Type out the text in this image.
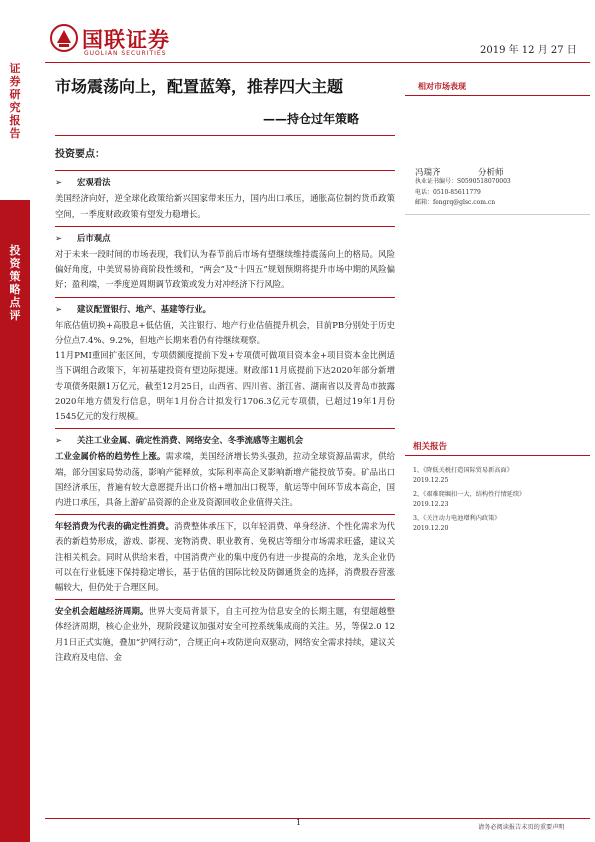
国联证券
GUOLIAN SECURITIES	2019 年 12 月 27 日
证券研究报告
投资策略点评
市场震荡向上，配置蓝筹，推荐四大主题
——持仓过年策略
相对市场表现
投资要点：
➢	宏观看法

美国经济向好，逆全球化政策给新兴国家带来压力，国内出口承压，通胀高位制约货币政策空间，一季度财政政策有望发力稳增长。

➢	后市观点

对于未来一段时间的市场表现，我们认为春节前后市场有望继续维持震荡向上的格局。风险偏好角度，中美贸易协商阶段性缓和，“两会”及“十四五”规划预期将提升市场中期的风险偏好；盈利端，一季度逆周期调节政策或发力对冲经济下行风险。

➢	建议配置银行、地产、基建等行业。

年底估值切换+高股息+低估值，关注银行、地产行业估值提升机会，目前PB分别处于历史分位点7.4%、9.2%，但地产长期来看仍有待继续观察。

11月PMI重回扩张区间，专项债额度提前下发+专项债可做项目资本金+项目资本金比例适当下调组合政策下，年初基建投资有望边际提速。财政部11月底提前下达2020年部分新增专项债务限额1万亿元，截至12月25日，山西省、四川省、浙江省、湖南省以及青岛市披露2020年地方债发行信息，明年1月份合计拟发行1706.3亿元专项债，已超过19年1月份1545亿元的发行规模。

➢	关注工业金属、确定性消费、网络安全、冬季流感等主题机会

工业金属价格的趋势性上涨。需求端，美国经济增长势头强劲，拉动全球资源品需求，供给端，部分国家局势动荡，影响产能释放，实际利率高企叉影响新增产能投放节奏。矿品出口国经济承压，普遍有较大意愿提升出口价格+增加出口税等，航运等中间环节成本高企，国内进口承压，具备上游矿品资源的企业及资源回收企业值得关注。

年轻消费为代表的确定性消费。消费整体承压下，以年轻消费、单身经济、个性化需求为代表的新趋势形成，游戏、影视、宠物消费、职业教育、免税店等细分市场需求旺盛，建议关注相关机会。同时从供给来看，中国消费产业的集中度仍有进一步提高的余地，龙头企业仍可以在行业低速下保持稳定增长，基于估值的国际比较及防御通货金的选择，消费股吞营涨幅较大，但仍处于合理区间。

安全机会超越经济周期。世界大变局背景下，自主可控为信息安全的长期主题，有望超越整体经济周期，核心企业外，现阶段建议加强对安全可控系统集成商的关注。另，等保2.0 12月1日正式实施，叠加“护网行动”，合规正向+攻防逆向双驱动，网络安全需求持续，建议关注政府及电信、金

冯瑞齐	分析师
执业证书编号：S0590518070003
电话：0510-85611779
邮箱：fengrq@glsc.com.cn
相关报告
1、《降低关税打造国际贸易新高面》
2019.12.25
2、《艰难爬堀扣一大，结构性行情延续》
2019.12.23
3、《关注动力电池增利内政策》
2019.12.20
1
请务必阅读报告末页的重要声明
